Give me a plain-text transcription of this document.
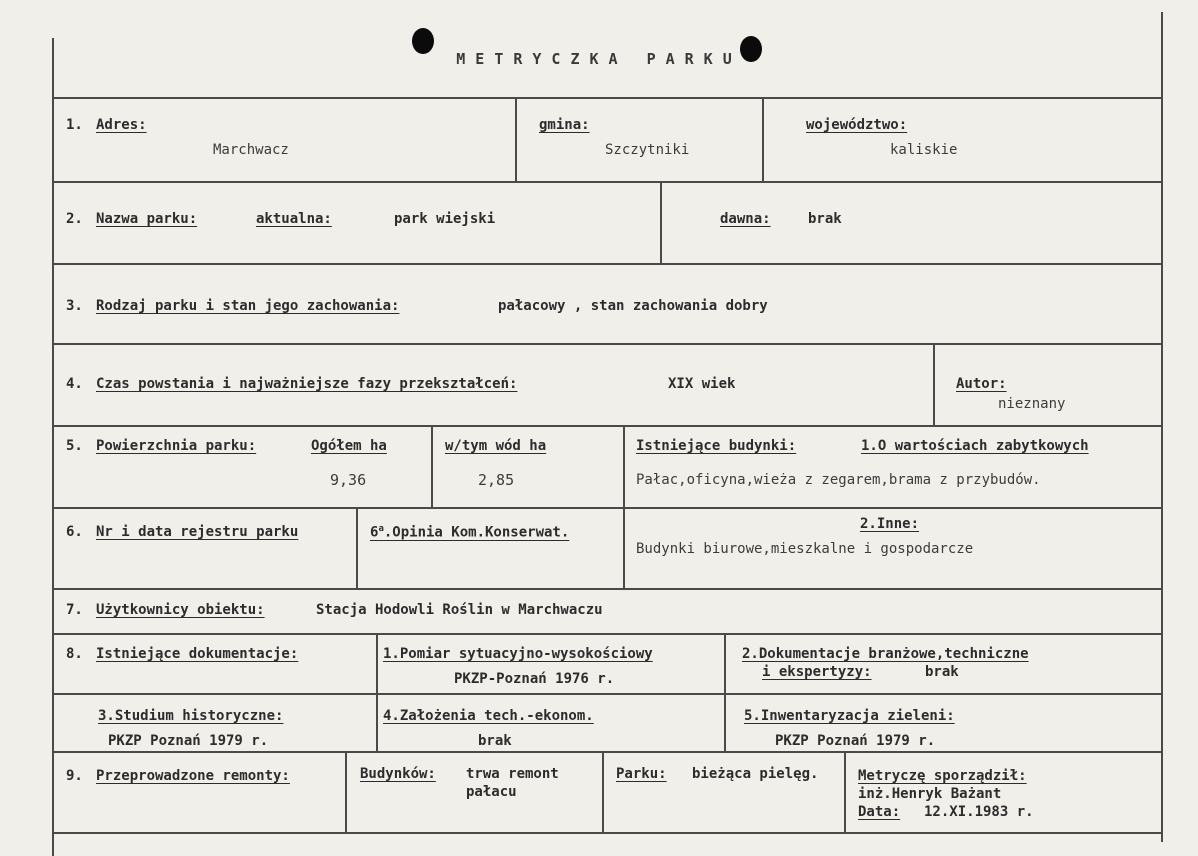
METRYCZKA PARKU
1. Adres:
Marchwacz
gmina:
Szczytniki
województwo:
kaliskie
2. Nazwa parku:	aktualna:	park wiejski	dawna:	brak
3. Rodzaj parku i stan jego zachowania:	pałacowy , stan zachowania dobry
4. Czas powstania i najważniejsze fazy przekształceń:	XIX wiek	Autor:
nieznany
5. Powierzchnia parku:	Ogółem ha
9,36
w/tym wód ha
2,85
Istniejące budynki:	1.O wartościach zabytkowych
Pałac,oficyna,wieża z zegarem,brama z przybudów.
6. Nr i data rejestru parku	6$^a$.Opinia Kom.Konserwat.
2.Inne:
Budynki biurowe,mieszkalne i gospodarcze
7. Użytkownicy obiektu:	Stacja Hodowli Roślin w Marchwaczu
8. Istniejące dokumentacje:	1.Pomiar sytuacyjno-wysokościowy
PKZP-Poznań 1976 r.
2.Dokumentacje branżowe,techniczne
i ekspertyzy:	brak
3.Studium historyczne:
PKZP Poznań 1979 r.
4.Założenia tech.-ekonom.
brak
5.Inwentaryzacja zieleni:
PKZP Poznań 1979 r.
9. Przeprowadzone remonty:	Budynków: trwa remont
pałacu
Parku: bieżąca pielęg.	Metryczę sporządził:
inż.Henryk Bażant
Data: 12.XI.1983 r.
